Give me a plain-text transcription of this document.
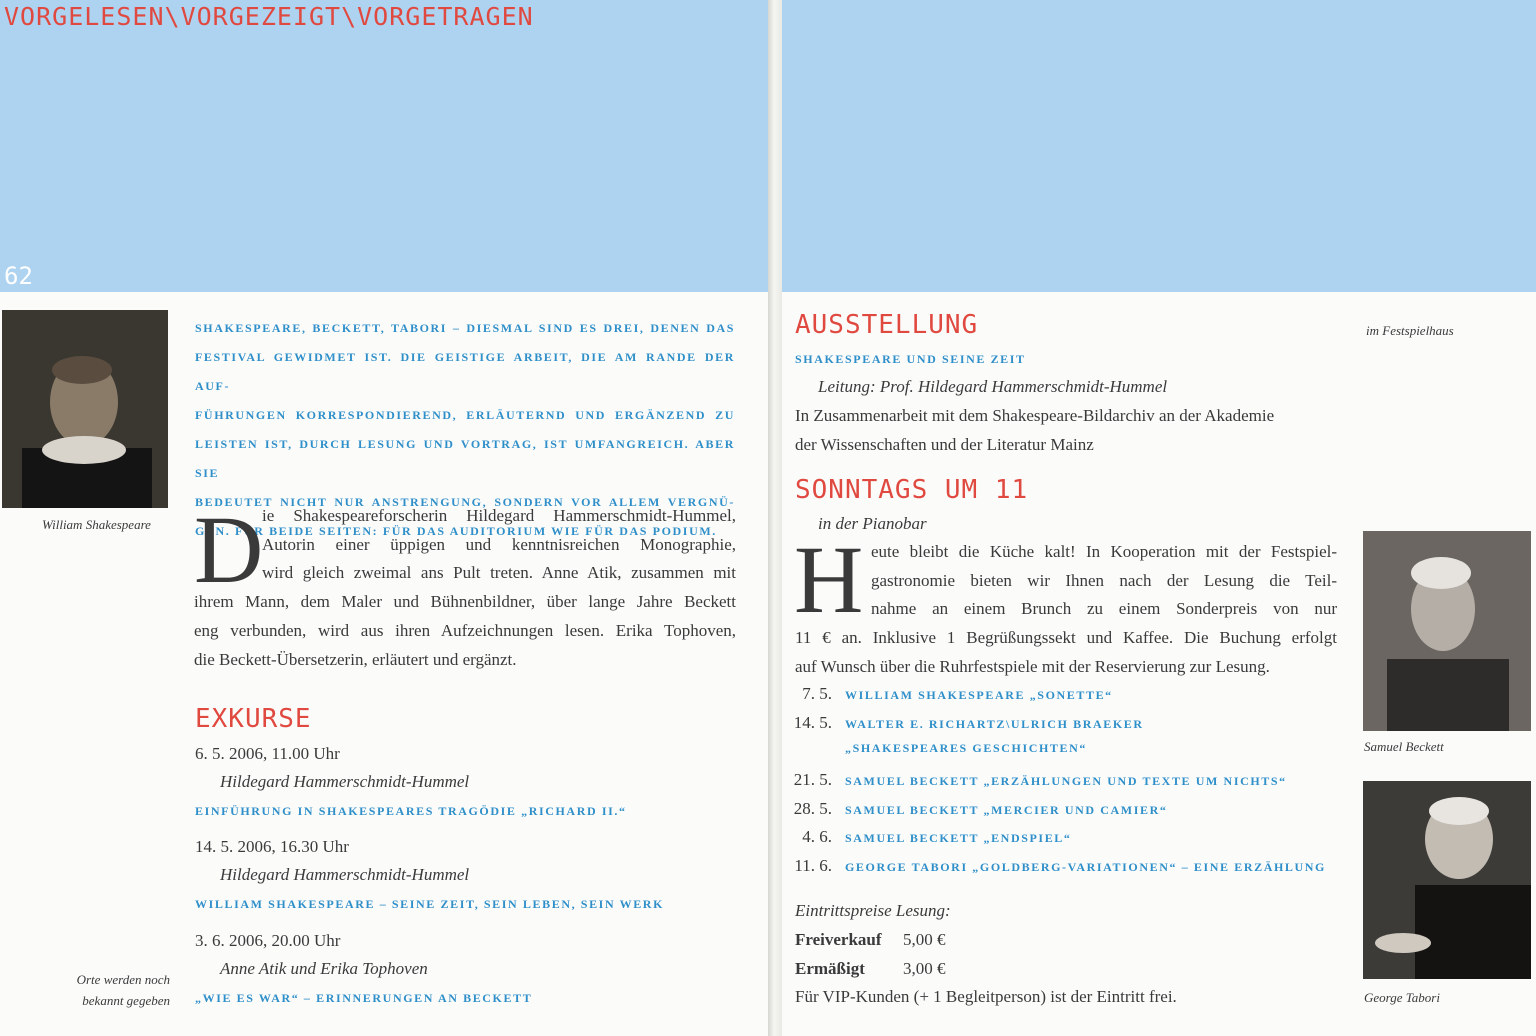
VORGELESEN\VORGEZEIGT\VORGETRAGEN
62
William Shakespeare
SHAKESPEARE, BECKETT, TABORI – DIESMAL SIND ES DREI, DENEN DAS
FESTIVAL GEWIDMET IST. DIE GEISTIGE ARBEIT, DIE AM RANDE DER AUF-
FÜHRUNGEN KORRESPONDIEREND, ERLÄUTERND UND ERGÄNZEND ZU
LEISTEN IST, DURCH LESUNG UND VORTRAG, IST UMFANGREICH. ABER SIE
BEDEUTET NICHT NUR ANSTRENGUNG, SONDERN VOR ALLEM VERGNÜ-
GEN. FÜR BEIDE SEITEN: FÜR DAS AUDITORIUM WIE FÜR DAS PODIUM.
D
ie Shakespeareforscherin Hildegard Hammerschmidt-Hummel,
Autorin einer üppigen und kenntnisreichen Monographie,
wird gleich zweimal ans Pult treten. Anne Atik, zusammen mit
ihrem Mann, dem Maler und Bühnenbildner, über lange Jahre Beckett
eng verbunden, wird aus ihren Aufzeichnungen lesen. Erika Tophoven,
die Beckett-Übersetzerin, erläutert und ergänzt.
EXKURSE
6. 5. 2006, 11.00 Uhr
Hildegard Hammerschmidt-Hummel
EINFÜHRUNG IN SHAKESPEARES TRAGÖDIE „RICHARD II.“
14. 5. 2006, 16.30 Uhr
Hildegard Hammerschmidt-Hummel
WILLIAM SHAKESPEARE – SEINE ZEIT, SEIN LEBEN, SEIN WERK
3. 6. 2006, 20.00 Uhr
Anne Atik und Erika Tophoven
„WIE ES WAR“ – ERINNERUNGEN AN BECKETT
Orte werden noch
bekannt gegeben
AUSSTELLUNG	im Festspielhaus
SHAKESPEARE UND SEINE ZEIT
Leitung: Prof. Hildegard Hammerschmidt-Hummel
In Zusammenarbeit mit dem Shakespeare-Bildarchiv an der Akademie
der Wissenschaften und der Literatur Mainz
SONNTAGS UM 11
in der Pianobar
H eute bleibt die Küche kalt! In Kooperation mit der Festspiel-
gastronomie bieten wir Ihnen nach der Lesung die Teil-
nahme an einem Brunch zu einem Sonderpreis von nur
11 € an. Inklusive 1 Begrüßungssekt und Kaffee. Die Buchung erfolgt
auf Wunsch über die Ruhrfestspiele mit der Reservierung zur Lesung.
7. 5. WILLIAM SHAKESPEARE „SONETTE“
14. 5. WALTER E. RICHARTZ\ULRICH BRAEKER
„SHAKESPEARES GESCHICHTEN“
21. 5. SAMUEL BECKETT „ERZÄHLUNGEN UND TEXTE UM NICHTS“
28. 5. SAMUEL BECKETT „MERCIER UND CAMIER“
4. 6. SAMUEL BECKETT „ENDSPIEL“
11. 6. GEORGE TABORI „GOLDBERG-VARIATIONEN“ – EINE ERZÄHLUNG
Eintrittspreise Lesung:
Freiverkauf	5,00 €
Ermäßigt	3,00 €
Für VIP-Kunden (+ 1 Begleitperson) ist der Eintritt frei.
Samuel Beckett
George Tabori
